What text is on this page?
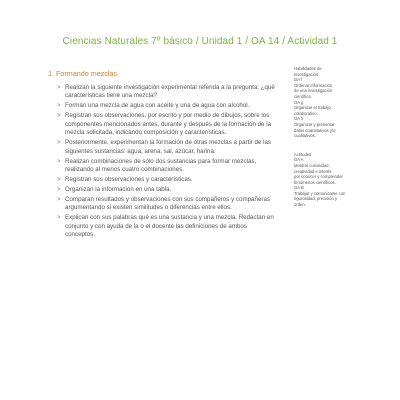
Ciencias Naturales 7º básico / Unidad 1 / OA 14 / Actividad 1
1. Formando mezclas
> Realizan la siguiente investigación experimental referida a la pregunta: ¿qué características tiene una mezcla?
> Forman una mezcla de agua con aceite y una de agua con alcohol.
> Registran sus observaciones, por escrito y por medio de dibujos, sobre los componentes mencionados antes, durante y después de la formación de la mezcla solicitada, indicando composición y características.
> Posteriormente, experimentan la formación de otras mezclas a partir de las siguientes sustancias: agua, arena, sal, azúcar, harina.
> Realizan combinaciones de sólo dos sustancias para formar mezclas, realizando al menos cuatro combinaciones.
> Registran sus observaciones y características.
> Organizan la información en una tabla.
> Comparan resultados y observaciones con sus compañeros y compañeras argumentando si existen similitudes o diferencias entre ellos.
> Explican con sus palabras qué es una sustancia y una mezcla. Redactan en conjunto y con ayuda de la o el docente las definiciones de ambos conceptos.

Habilidades de

investigación

OA f

Ordenar información

de una investigación

científica.

OA g

Organizar el trabajo

colaborativo.

OA h

Organizar y presentar

datos cuantitativos y/o

cualitativos.

Actitudes

OA A

Mostrar curiosidad,

creatividad e interés

por conocer y comprender

fenómenos científicos.

OA B

Trabajar y comunicarse con

rigurosidad, precisión y

orden.
